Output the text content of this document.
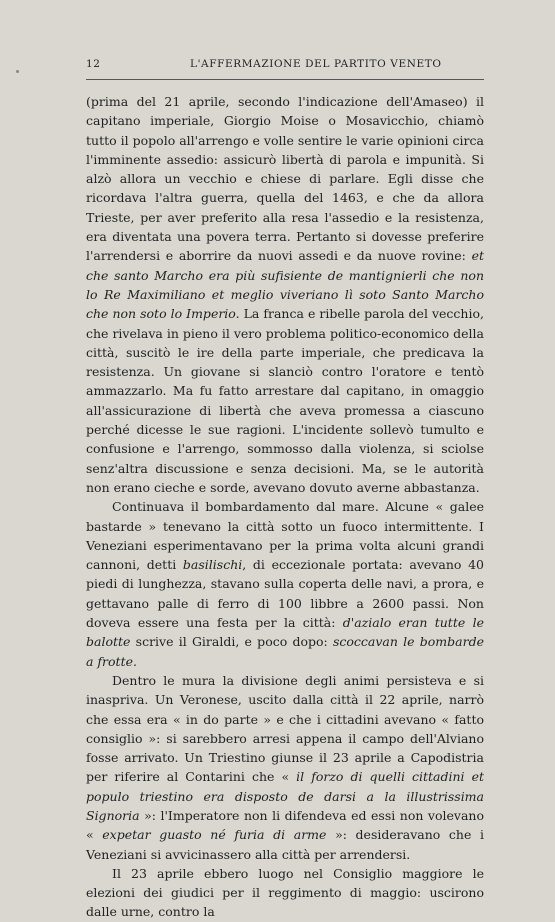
12	L'AFFERMAZIONE DEL PARTITO VENETO

(prima del 21 aprile, secondo l'indicazione dell'Amaseo) il capitano imperiale, Giorgio Moise o Mosavicchio, chiamò tutto il popolo all'arrengo e volle sentire le varie opinioni circa l'imminente assedio: assicurò libertà di parola e impunità. Si alzò allora un vecchio e chiese di parlare. Egli disse che ricordava l'altra guerra, quella del 1463, e che da allora Trieste, per aver preferito alla resa l'assedio e la resistenza, era diventata una povera terra. Pertanto si dovesse preferire l'arrendersi e aborrire da nuovi assedi e da nuove rovine: et che santo Marcho era più sufisiente de mantignierli che non lo Re Maximiliano et meglio viveriano lì soto Santo Marcho che non soto lo Imperio. La franca e ribelle parola del vecchio, che rivelava in pieno il vero problema politico-economico della città, suscitò le ire della parte imperiale, che predicava la resistenza. Un giovane si slanciò contro l'oratore e tentò ammazzarlo. Ma fu fatto arrestare dal capitano, in omaggio all'assicurazione di libertà che aveva promessa a ciascuno perché dicesse le sue ragioni. L'incidente sollevò tumulto e confusione e l'arrengo, sommosso dalla violenza, si sciolse senz'altra discussione e senza decisioni. Ma, se le autorità non erano cieche e sorde, avevano dovuto averne abbastanza.

Continuava il bombardamento dal mare. Alcune « galee bastarde » tenevano la città sotto un fuoco intermittente. I Veneziani esperimentavano per la prima volta alcuni grandi cannoni, detti basilischi, di eccezionale portata: avevano 40 piedi di lunghezza, stavano sulla coperta delle navi, a prora, e gettavano palle di ferro di 100 libbre a 2600 passi. Non doveva essere una festa per la città: d'azialo eran tutte le balotte scrive il Giraldi, e poco dopo: scoccavan le bombarde a frotte.

Dentro le mura la divisione degli animi persisteva e si inaspriva. Un Veronese, uscito dalla città il 22 aprile, narrò che essa era « in do parte » e che i cittadini avevano « fatto consiglio »: si sarebbero arresi appena il campo dell'Alviano fosse arrivato. Un Triestino giunse il 23 aprile a Capodistria per riferire al Contarini che « il forzo di quelli cittadini et populo triestino era disposto de darsi a la illustrissima Signoria »: l'Imperatore non li difendeva ed essi non volevano « expetar guasto né furia di arme »: desideravano che i Veneziani si avvicinassero alla città per arrendersi.

Il 23 aprile ebbero luogo nel Consiglio maggiore le elezioni dei giudici per il reggimento di maggio: uscirono dalle urne, contro la
